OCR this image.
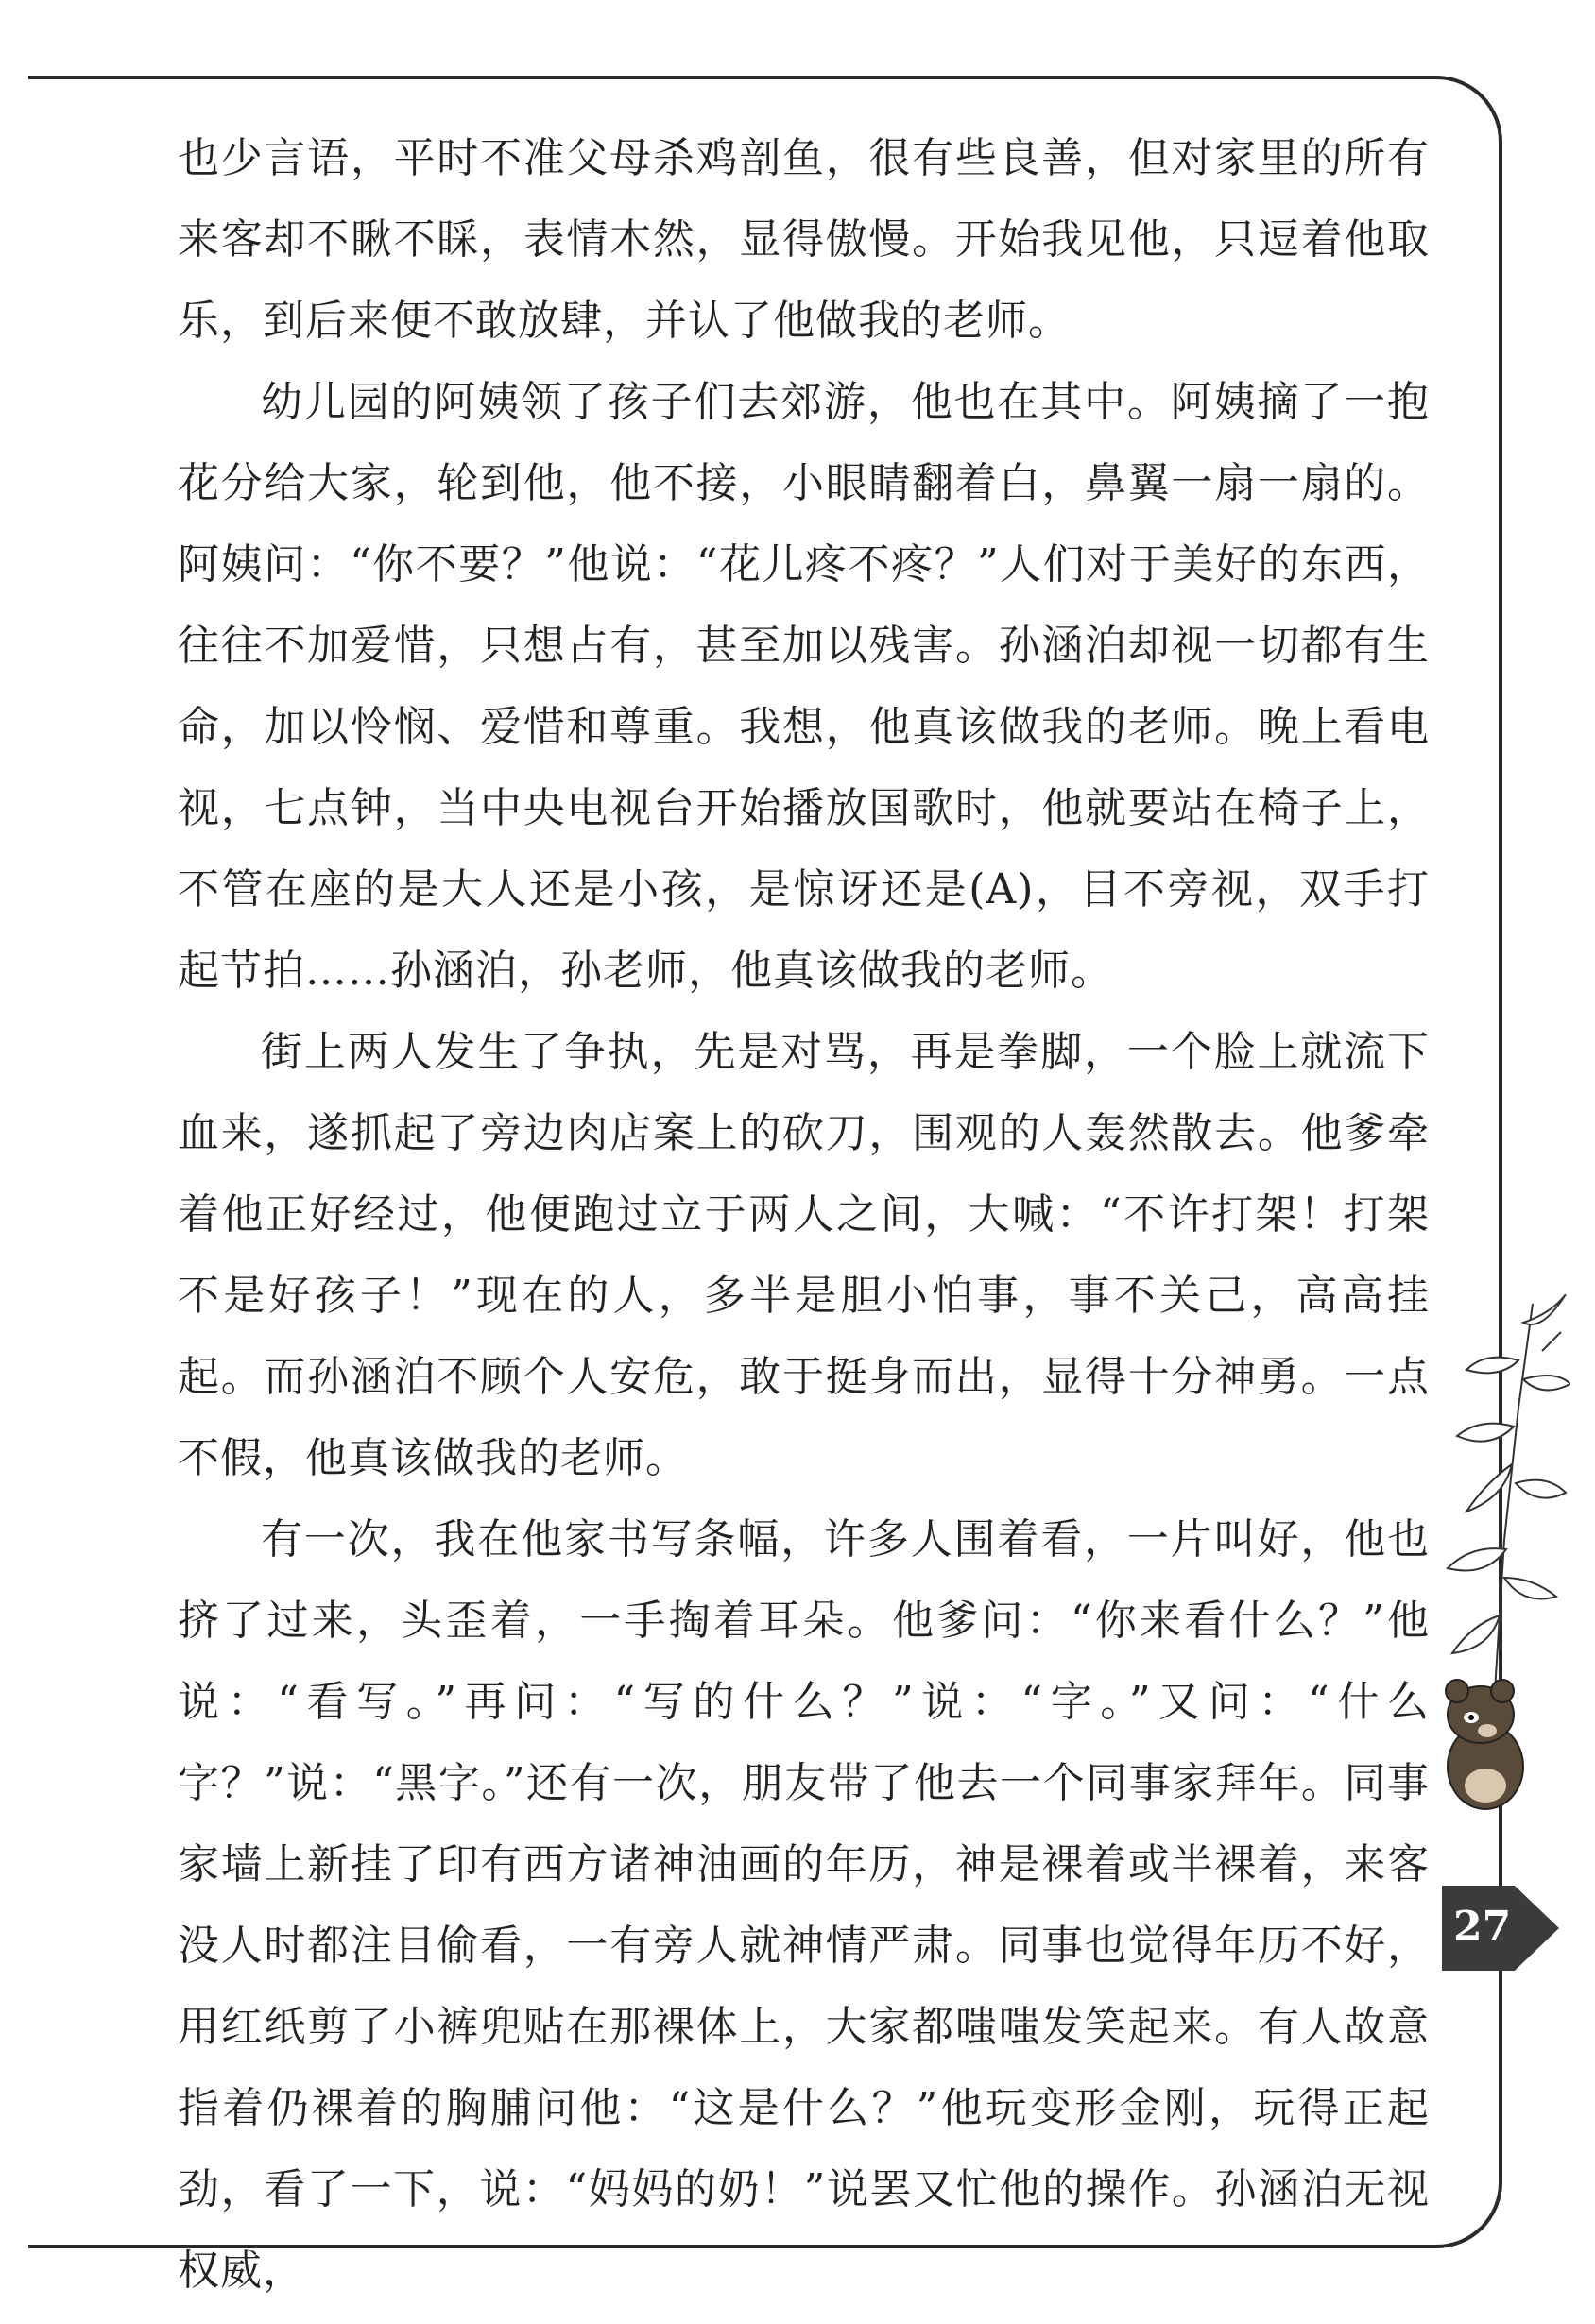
也少言语，平时不准父母杀鸡剖鱼，很有些良善，但对家里的所有来客却不瞅不睬，表情木然，显得傲慢。开始我见他，只逗着他取乐，到后来便不敢放肆，并认了他做我的老师。

幼儿园的阿姨领了孩子们去郊游，他也在其中。阿姨摘了一抱花分给大家，轮到他，他不接，小眼睛翻着白，鼻翼一扇一扇的。阿姨问：“你不要？”他说：“花儿疼不疼？”人们对于美好的东西，往往不加爱惜，只想占有，甚至加以残害。孙涵泊却视一切都有生命，加以怜悯、爱惜和尊重。我想，他真该做我的老师。晚上看电视，七点钟，当中央电视台开始播放国歌时，他就要站在椅子上，不管在座的是大人还是小孩，是惊讶还是(A)，目不旁视，双手打起节拍……孙涵泊，孙老师，他真该做我的老师。

街上两人发生了争执，先是对骂，再是拳脚，一个脸上就流下血来，遂抓起了旁边肉店案上的砍刀，围观的人轰然散去。他爹牵着他正好经过，他便跑过立于两人之间，大喊：“不许打架！打架不是好孩子！”现在的人，多半是胆小怕事，事不关己，高高挂起。而孙涵泊不顾个人安危，敢于挺身而出，显得十分神勇。一点不假，他真该做我的老师。

有一次，我在他家书写条幅，许多人围着看，一片叫好，他也挤了过来，头歪着，一手掏着耳朵。他爹问：“你来看什么？”他说：“看写。”再问：“写的什么？”说：“字。”又问：“什么字？”说：“黑字。”还有一次，朋友带了他去一个同事家拜年。同事家墙上新挂了印有西方诸神油画的年历，神是裸着或半裸着，来客没人时都注目偷看，一有旁人就神情严肃。同事也觉得年历不好，用红纸剪了小裤兜贴在那裸体上，大家都嗤嗤发笑起来。有人故意指着仍裸着的胸脯问他：“这是什么？”他玩变形金刚，玩得正起劲，看了一下，说：“妈妈的奶！”说罢又忙他的操作。孙涵泊无视权威，

27
